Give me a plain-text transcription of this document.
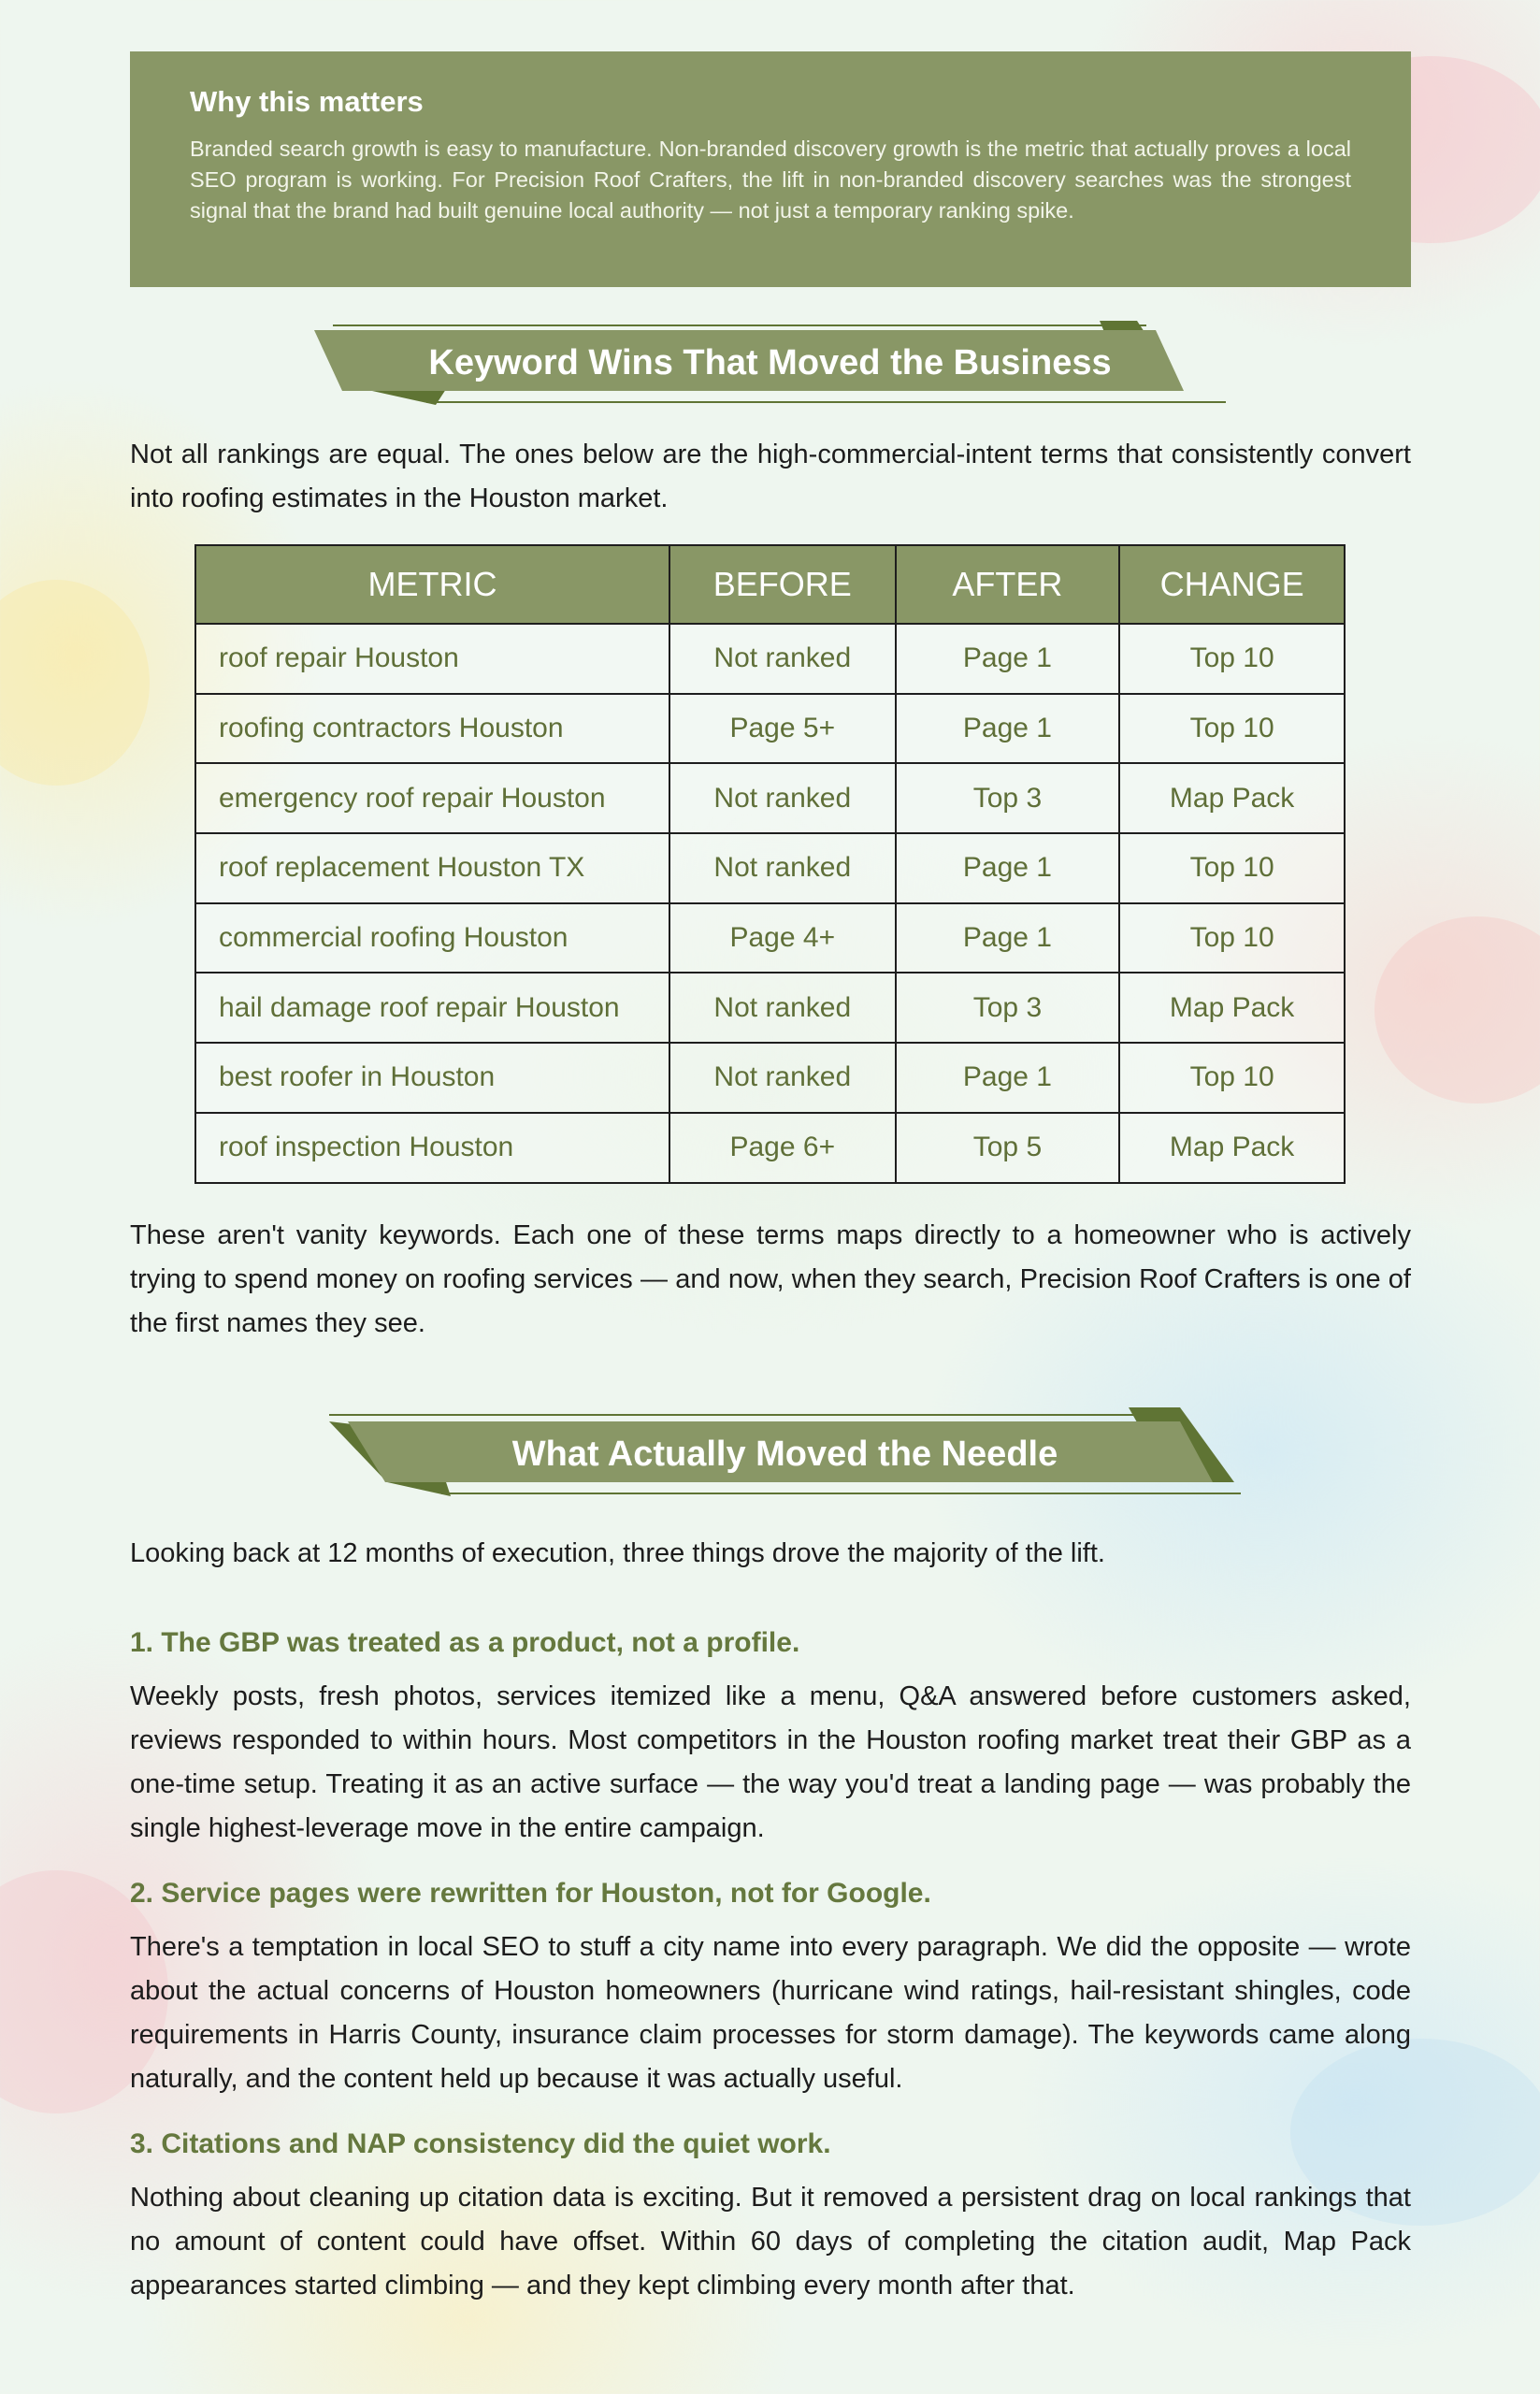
Why this matters
Branded search growth is easy to manufacture. Non-branded discovery growth is the metric that actually proves a local SEO program is working. For Precision Roof Crafters, the lift in non-branded discovery searches was the strongest signal that the brand had built genuine local authority — not just a temporary ranking spike.
Keyword Wins That Moved the Business
Not all rankings are equal. The ones below are the high-commercial-intent terms that consistently convert into roofing estimates in the Houston market.
METRIC	BEFORE	AFTER	CHANGE
roof repair Houston	Not ranked	Page 1	Top 10
roofing contractors Houston	Page 5+	Page 1	Top 10
emergency roof repair Houston	Not ranked	Top 3	Map Pack
roof replacement Houston TX	Not ranked	Page 1	Top 10
commercial roofing Houston	Page 4+	Page 1	Top 10
hail damage roof repair Houston	Not ranked	Top 3	Map Pack
best roofer in Houston	Not ranked	Page 1	Top 10
roof inspection Houston	Page 6+	Top 5	Map Pack
These aren't vanity keywords. Each one of these terms maps directly to a homeowner who is actively trying to spend money on roofing services — and now, when they search, Precision Roof Crafters is one of the first names they see.
What Actually Moved the Needle
Looking back at 12 months of execution, three things drove the majority of the lift.
1. The GBP was treated as a product, not a profile.
Weekly posts, fresh photos, services itemized like a menu, Q&A answered before customers asked, reviews responded to within hours. Most competitors in the Houston roofing market treat their GBP as a one-time setup. Treating it as an active surface — the way you'd treat a landing page — was probably the single highest-leverage move in the entire campaign.
2. Service pages were rewritten for Houston, not for Google.
There's a temptation in local SEO to stuff a city name into every paragraph. We did the opposite — wrote about the actual concerns of Houston homeowners (hurricane wind ratings, hail-resistant shingles, code requirements in Harris County, insurance claim processes for storm damage). The keywords came along naturally, and the content held up because it was actually useful.
3. Citations and NAP consistency did the quiet work.
Nothing about cleaning up citation data is exciting. But it removed a persistent drag on local rankings that no amount of content could have offset. Within 60 days of completing the citation audit, Map Pack appearances started climbing — and they kept climbing every month after that.
